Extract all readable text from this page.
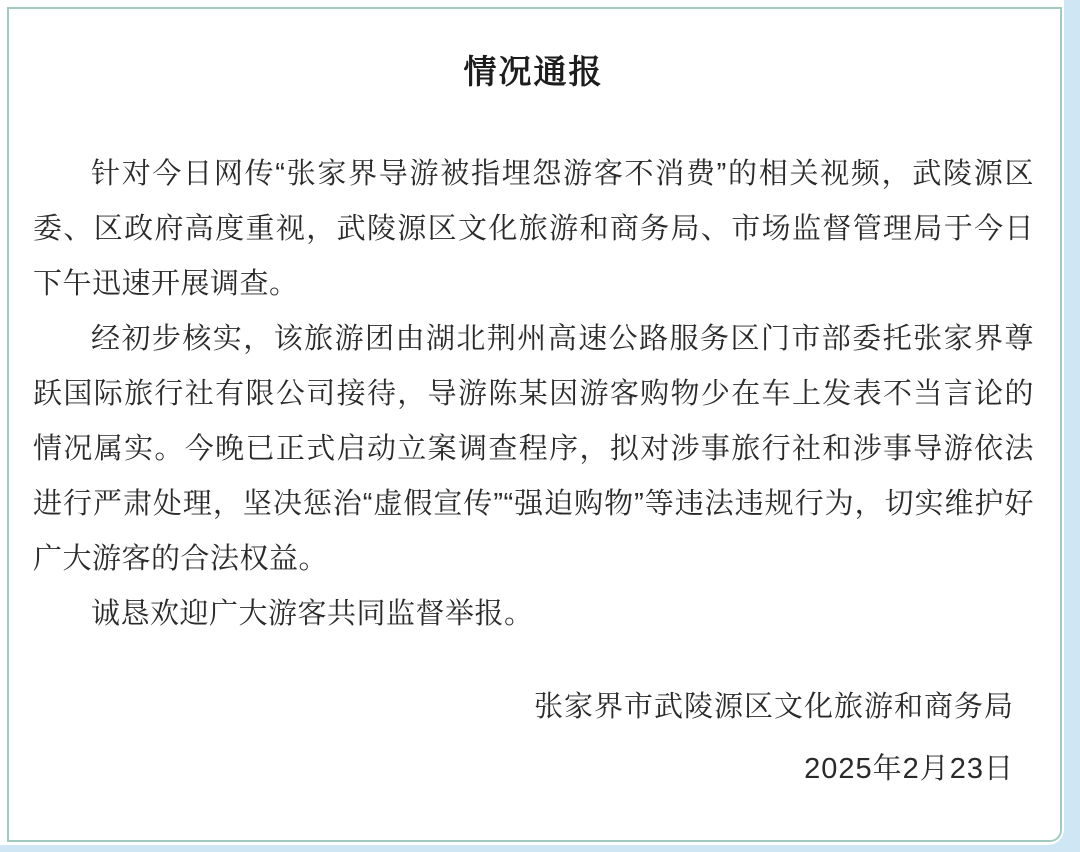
情况通报

针对今日网传“张家界导游被指埋怨游客不消费”的相关视频，武陵源区委、区政府高度重视，武陵源区文化旅游和商务局、市场监督管理局于今日下午迅速开展调查。

经初步核实，该旅游团由湖北荆州高速公路服务区门市部委托张家界尊跃国际旅行社有限公司接待，导游陈某因游客购物少在车上发表不当言论的情况属实。今晚已正式启动立案调查程序，拟对涉事旅行社和涉事导游依法进行严肃处理，坚决惩治“虚假宣传”“强迫购物”等违法违规行为，切实维护好广大游客的合法权益。

诚恳欢迎广大游客共同监督举报。

张家界市武陵源区文化旅游和商务局
2025年2月23日
